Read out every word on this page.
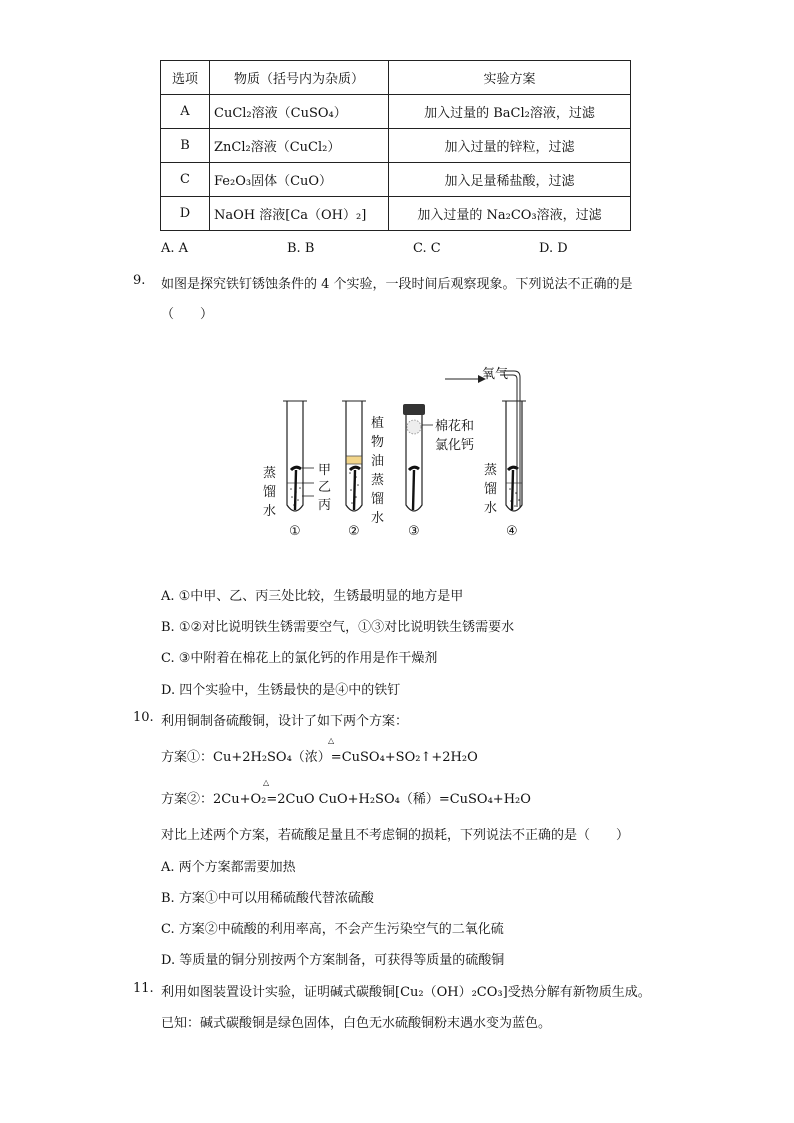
选项	物质（括号内为杂质）	实验方案
A	CuCl₂溶液（CuSO₄）	加入过量的 BaCl₂溶液，过滤
B	ZnCl₂溶液（CuCl₂）	加入过量的锌粒，过滤
C	Fe₂O₃固体（CuO）	加入足量稀盐酸，过滤
D	NaOH 溶液[Ca（OH）₂]	加入过量的 Na₂CO₃溶液，过滤
A. A	B. B	C. C	D. D
9. 如图是探究铁钉锈蚀条件的 4 个实验，一段时间后观察现象。下列说法不正确的是
（　　）
氧气
棉花和
氯化钙
植
物
油
蒸
馏
水
甲
乙
丙
蒸
馏
水
蒸
馏
水
①	②	③	④
A. ①中甲、乙、丙三处比较，生锈最明显的地方是甲
B. ①②对比说明铁生锈需要空气，①③对比说明铁生锈需要水
C. ③中附着在棉花上的氯化钙的作用是作干燥剂
D. 四个实验中，生锈最快的是④中的铁钉
10. 利用铜制备硫酸铜，设计了如下两个方案：
△
方案①：Cu+2H₂SO₄（浓）=CuSO₄+SO₂↑+2H₂O
△
方案②：2Cu+O₂=2CuO CuO+H₂SO₄（稀）=CuSO₄+H₂O
对比上述两个方案，若硫酸足量且不考虑铜的损耗，下列说法不正确的是（　　）
A. 两个方案都需要加热
B. 方案①中可以用稀硫酸代替浓硫酸
C. 方案②中硫酸的利用率高，不会产生污染空气的二氧化硫
D. 等质量的铜分别按两个方案制备，可获得等质量的硫酸铜
11. 利用如图装置设计实验，证明碱式碳酸铜[Cu₂（OH）₂CO₃]受热分解有新物质生成。
已知：碱式碳酸铜是绿色固体，白色无水硫酸铜粉末遇水变为蓝色。
